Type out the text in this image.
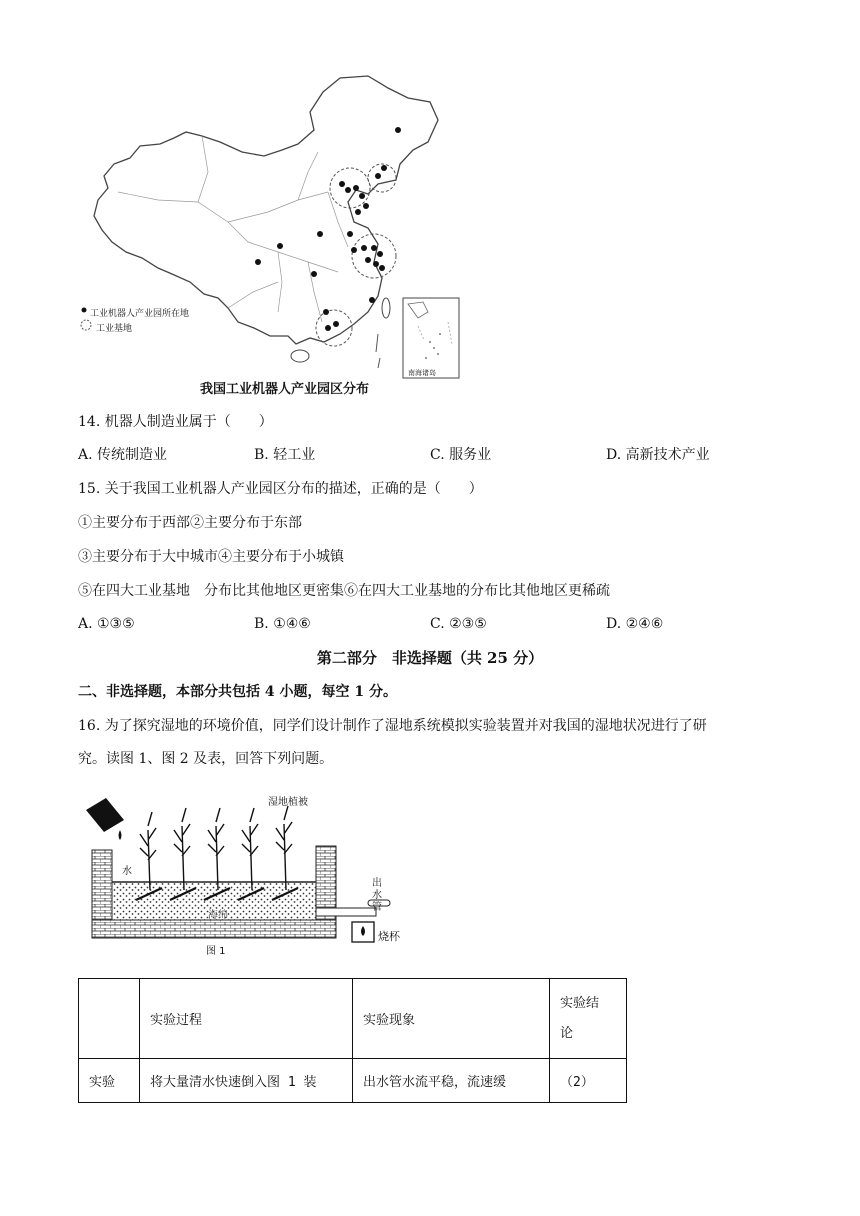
工业机器人产业园所在地
工业基地
南海诸岛
我国工业机器人产业园区分布
14. 机器人制造业属于（　　）
A. 传统制造业	B. 轻工业	C. 服务业	D. 高新技术产业
15. 关于我国工业机器人产业园区分布的描述，正确的是（　　）
①主要分布于西部②主要分布于东部
③主要分布于大中城市④主要分布于小城镇
⑤在四大工业基地　分布比其他地区更密集⑥在四大工业基地的分布比其他地区更稀疏
A. ①③⑤	B. ①④⑥	C. ②③⑤	D. ②④⑥
第二部分　非选择题（共 25 分）
二、非选择题，本部分共包括 4 小题，每空 1 分。
16. 为了探究湿地的环境价值，同学们设计制作了湿地系统模拟实验装置并对我国的湿地状况进行了研
究。读图 1、图 2 及表，回答下列问题。
湿地植被
水
海绵
出
水
管
烧杯
图 1
	实验过程	实验现象	实验结
论

实验	将大量清水快速倒入图 1 装	出水管水流平稳，流速缓	（2）
